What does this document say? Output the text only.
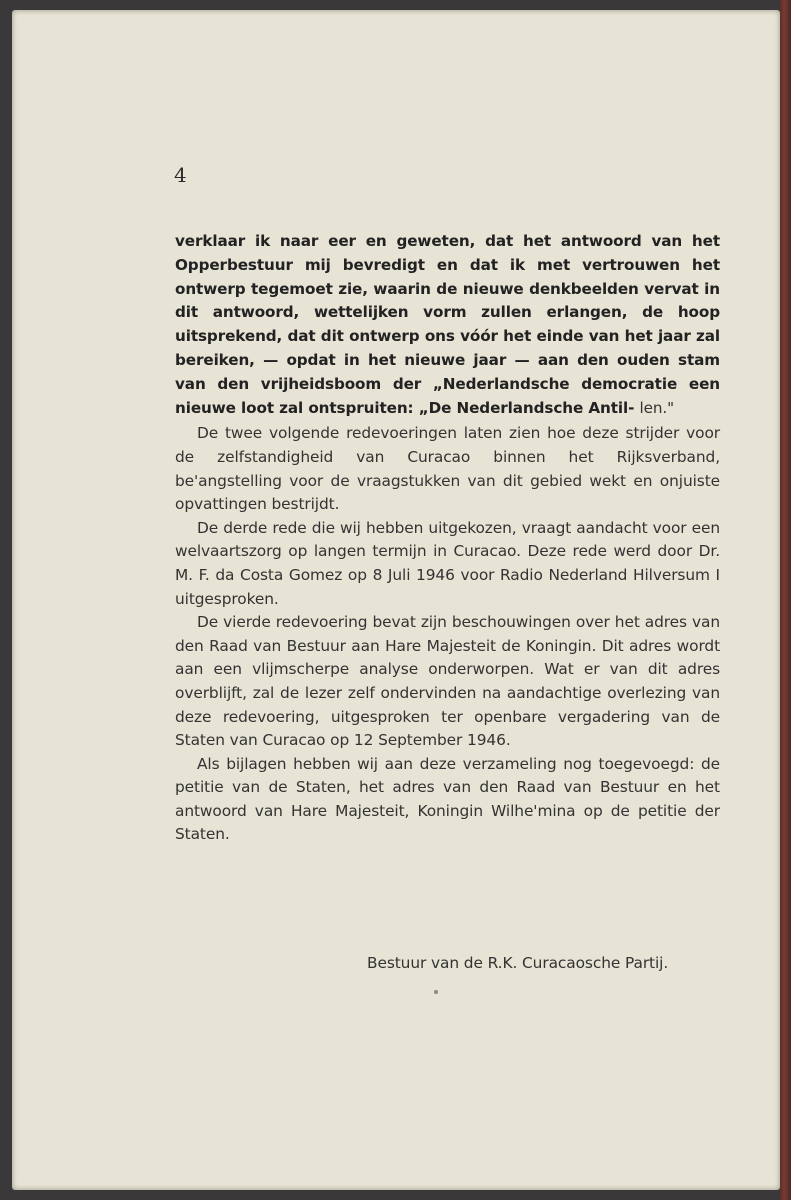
4

verklaar ik naar eer en geweten, dat het antwoord van het Opperbestuur mij bevredigt en dat ik met vertrouwen het ontwerp tegemoet zie, waarin de nieuwe denkbeelden vervat in dit antwoord, wettelijken vorm zullen erlangen, de hoop uitsprekend, dat dit ontwerp ons vóór het einde van het jaar zal bereiken, — opdat in het nieuwe jaar — aan den ouden stam van den vrijheidsboom der „Nederlandsche democratie een nieuwe loot zal ontspruiten: „De Nederlandsche Antil- len."

De twee volgende redevoeringen laten zien hoe deze strijder voor de zelfstandigheid van Curacao binnen het Rijksverband, be'angstelling voor de vraagstukken van dit gebied wekt en onjuiste opvattingen bestrijdt.

De derde rede die wij hebben uitgekozen, vraagt aandacht voor een welvaartszorg op langen termijn in Curacao. Deze rede werd door Dr. M. F. da Costa Gomez op 8 Juli 1946 voor Radio Nederland Hilversum I uitgesproken.

De vierde redevoering bevat zijn beschouwingen over het adres van den Raad van Bestuur aan Hare Majesteit de Koningin. Dit adres wordt aan een vlijmscherpe analyse onderworpen. Wat er van dit adres overblijft, zal de lezer zelf ondervinden na aandachtige overlezing van deze redevoering, uitgesproken ter openbare vergadering van de Staten van Curacao op 12 September 1946.

Als bijlagen hebben wij aan deze verzameling nog toegevoegd: de petitie van de Staten, het adres van den Raad van Bestuur en het antwoord van Hare Majesteit, Koningin Wilhe'mina op de petitie der Staten.

Bestuur van de R.K. Curacaosche Partij.
